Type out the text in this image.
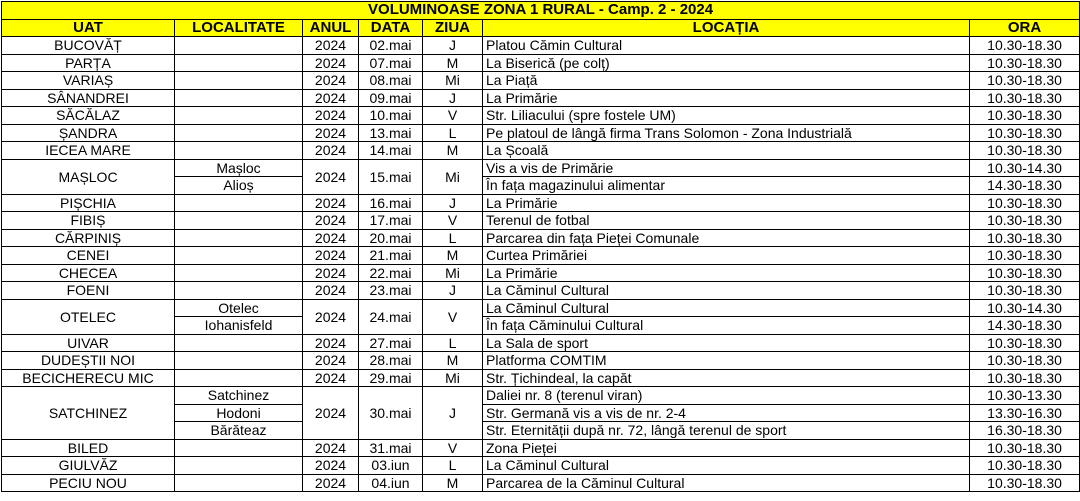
VOLUMINOASE ZONA 1 RURAL - Camp. 2 - 2024						
UAT	LOCALITATE	ANUL	DATA	ZIUA	LOCAȚIA	ORA
BUCOVĂȚ		2024	02.mai	J	Platou Cămin Cultural	10.30-18.30
PARȚA		2024	07.mai	M	La Biserică (pe colț)	10.30-18.30
VARIAȘ		2024	08.mai	Mi	La Piață	10.30-18.30
SÂNANDREI		2024	09.mai	J	La Primărie	10.30-18.30
SĂCĂLAZ		2024	10.mai	V	Str. Liliacului (spre fostele UM)	10.30-18.30
ȘANDRA		2024	13.mai	L	Pe platoul de lângă firma Trans Solomon - Zona Industrială	10.30-18.30
IECEA MARE		2024	14.mai	M	La Școală	10.30-18.30
MAȘLOC	Mașloc	2024	15.mai	Mi	Vis a vis de Primărie	10.30-14.30
	Alioș				În fața magazinului alimentar	14.30-18.30
PIȘCHIA		2024	16.mai	J	La Primărie	10.30-18.30
FIBIȘ		2024	17.mai	V	Terenul de fotbal	10.30-18.30
CĂRPINIȘ		2024	20.mai	L	Parcarea din fața Pieței Comunale	10.30-18.30
CENEI		2024	21.mai	M	Curtea Primăriei	10.30-18.30
CHECEA		2024	22.mai	Mi	La Primărie	10.30-18.30
FOENI		2024	23.mai	J	La Căminul Cultural	10.30-18.30
OTELEC	Otelec	2024	24.mai	V	La Căminul Cultural	10.30-14.30
	Iohanisfeld				În fața Căminului Cultural	14.30-18.30
UIVAR		2024	27.mai	L	La Sala de sport	10.30-18.30
DUDEȘTII NOI		2024	28.mai	M	Platforma COMTIM	10.30-18.30
BECICHERECU MIC		2024	29.mai	Mi	Str. Țichindeal, la capăt	10.30-18.30
SATCHINEZ	Satchinez	2024	30.mai	J	Daliei nr. 8 (terenul viran)	10.30-13.30
	Hodoni				Str. Germană vis a vis de nr. 2-4	13.30-16.30
	Bărăteaz				Str. Eternității după nr. 72, lângă terenul de sport	16.30-18.30
BILED		2024	31.mai	V	Zona Pieței	10.30-18.30
GIULVĂZ		2024	03.iun	L	La Căminul Cultural	10.30-18.30
PECIU NOU		2024	04.iun	M	Parcarea de la Căminul Cultural	10.30-18.30
